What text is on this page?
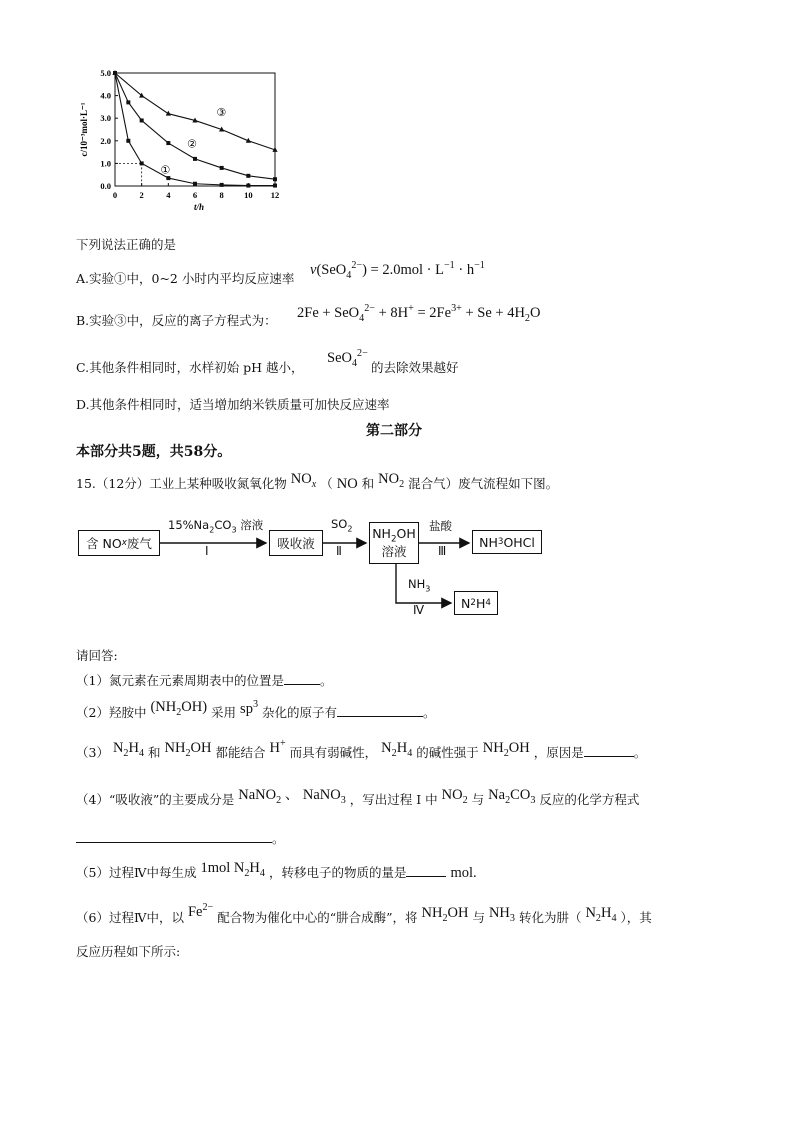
0	2	4	6	8 10 12
0.0
1.0
2.0
3.0
4.0
5.0
①
②
③
t/h
c/10⁻³mol·L⁻¹
下列说法正确的是
A.实验①中，0~2 小时内平均反应速率
$v(SeO_4^{2-}) = 2.0mol \cdot L^{-1} \cdot h^{-1}$
B.实验③中，反应的离子方程式为： $2Fe + SeO_4^{2-} + 8H^+ = 2Fe^{3+} + Se + 4H_2O$
C.其他条件相同时，水样初始 pH 越小，
SeO$_4^{2-}$
的去除效果越好
D.其他条件相同时，适当增加纳米铁质量可加快反应速率
第二部分
本部分共5题，共58分。
15.（12分）工业上某种吸收氮氧化物 $NO_x$ （ NO 和 $NO_2$ 混合气）废气流程如下图。
含 NO x 废气
$15\%Na_2CO_3$ 溶液
Ⅰ	吸收液
$SO_2$
Ⅱ
$NH_2OH$
溶液
盐酸
Ⅲ
NH 3 OHCl
$NH_3$
Ⅳ	N 2 H 4
请回答:
（1）氮元素在元素周期表中的位置是	。
（2）羟胺中 $(NH_2OH)$ 采用 $sp^3$ 杂化的原子有	。
（3） $N_2H_4$ 和 $NH_2OH$ 都能结合 H+ 而具有弱碱性， $N_2H_4$ 的碱性强于 $NH_2OH$ ，原因是	。
（4）“吸收液”的主要成分是 NaNO$_2$ 、 NaNO$_3$ ，写出过程 I 中 $NO_2$ 与 $Na_2CO_3$ 反应的化学方程式
。
（5）过程Ⅳ中每生成 1mol $N_2H_4$ ，转移电子的物质的量是	mol.
（6）过程Ⅳ中，以 $Fe^{2-}$ 配合物为催化中心的“肼合成酶”，将 $NH_2OH$ 与 $NH_3$ 转化为肼（ $N_2H_4$ ），其
反应历程如下所示:
